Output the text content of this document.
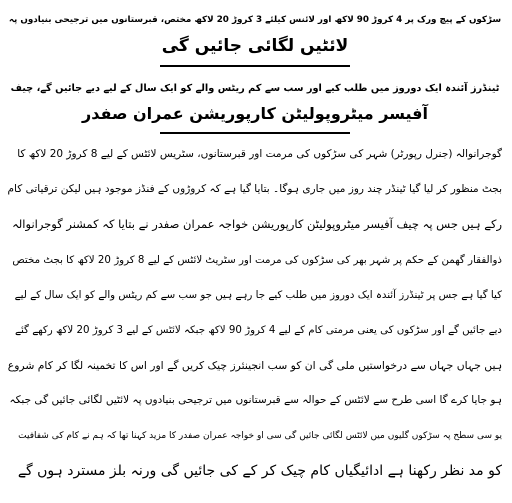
سڑکوں کے پیچ ورک پر 4 کروڑ 90 لاکھ اور لائنس کیلئے 3 کروڑ 20 لاکھ مختص، قبرستانوں میں ترجیحی بنیادوں پہ
لائٹیں لگائی جائیں گی
ٹینڈرز آئندہ ایک دوروز میں طلب کیے اور سب سے کم ریٹس والے کو ایک سال کے لیے دیے جائیں گے، چیف
آفیسر میٹروپولیٹن کارپوریشن عمران صفدر
گوجرانوالہ (جنرل رپورٹر) شہر کی سڑکوں کی مرمت اور قبرستانوں، سٹریس لائٹس کے لیے 8 کروڑ 20 لاکھ کا
بجٹ منظور کر لیا گیا ٹینڈر چند روز میں جاری ہوگا۔ بتایا گیا ہے کہ کروڑوں کے فنڈز موجود ہیں لیکن ترقیاتی کام
رکے ہیں جس پہ چیف آفیسر میٹروپولیٹن کارپوریشن خواجہ عمران صفدر نے بتایا کہ کمشنر گوجرانوالہ
ذوالفقار گھمن کے حکم پر شہر بھر کی سڑکوں کی مرمت اور سٹریٹ لائٹس کے لیے 8 کروڑ 20 لاکھ کا بجٹ مختص
کیا گیا ہے جس پر ٹینڈرز آئندہ ایک دوروز میں طلب کیے جا رہے ہیں جو سب سے کم ریٹس والے کو ایک سال کے لیے
دیے جائیں گے اور سڑکوں کی یعنی مرمتی کام کے لیے 4 کروڑ 90 لاکھ جبکہ لائٹس کے لیے 3 کروڑ 20 لاکھ رکھے گئے
ہیں جہاں جہاں سے درخواستیں ملی گی ان کو سب انجینئرز چیک کریں گے اور اس کا تخمینہ لگا کر کام شروع
ہو جایا کرے گا اسی طرح سے لائٹس کے حوالہ سے قبرستانوں میں ترجیحی بنیادوں پہ لائٹیں لگائی جائیں گی جبکہ
یو سی سطح پہ سڑکوں گلیوں میں لائٹس لگائی جائیں گی سی او خواجہ عمران صفدر کا مزید کہنا تھا کہ ہم نے کام کی شفافیت
کو مد نظر رکھنا ہے ادائیگیاں کام چیک کر کے کی جائیں گی ورنہ بلز مسترد ہوں گے
